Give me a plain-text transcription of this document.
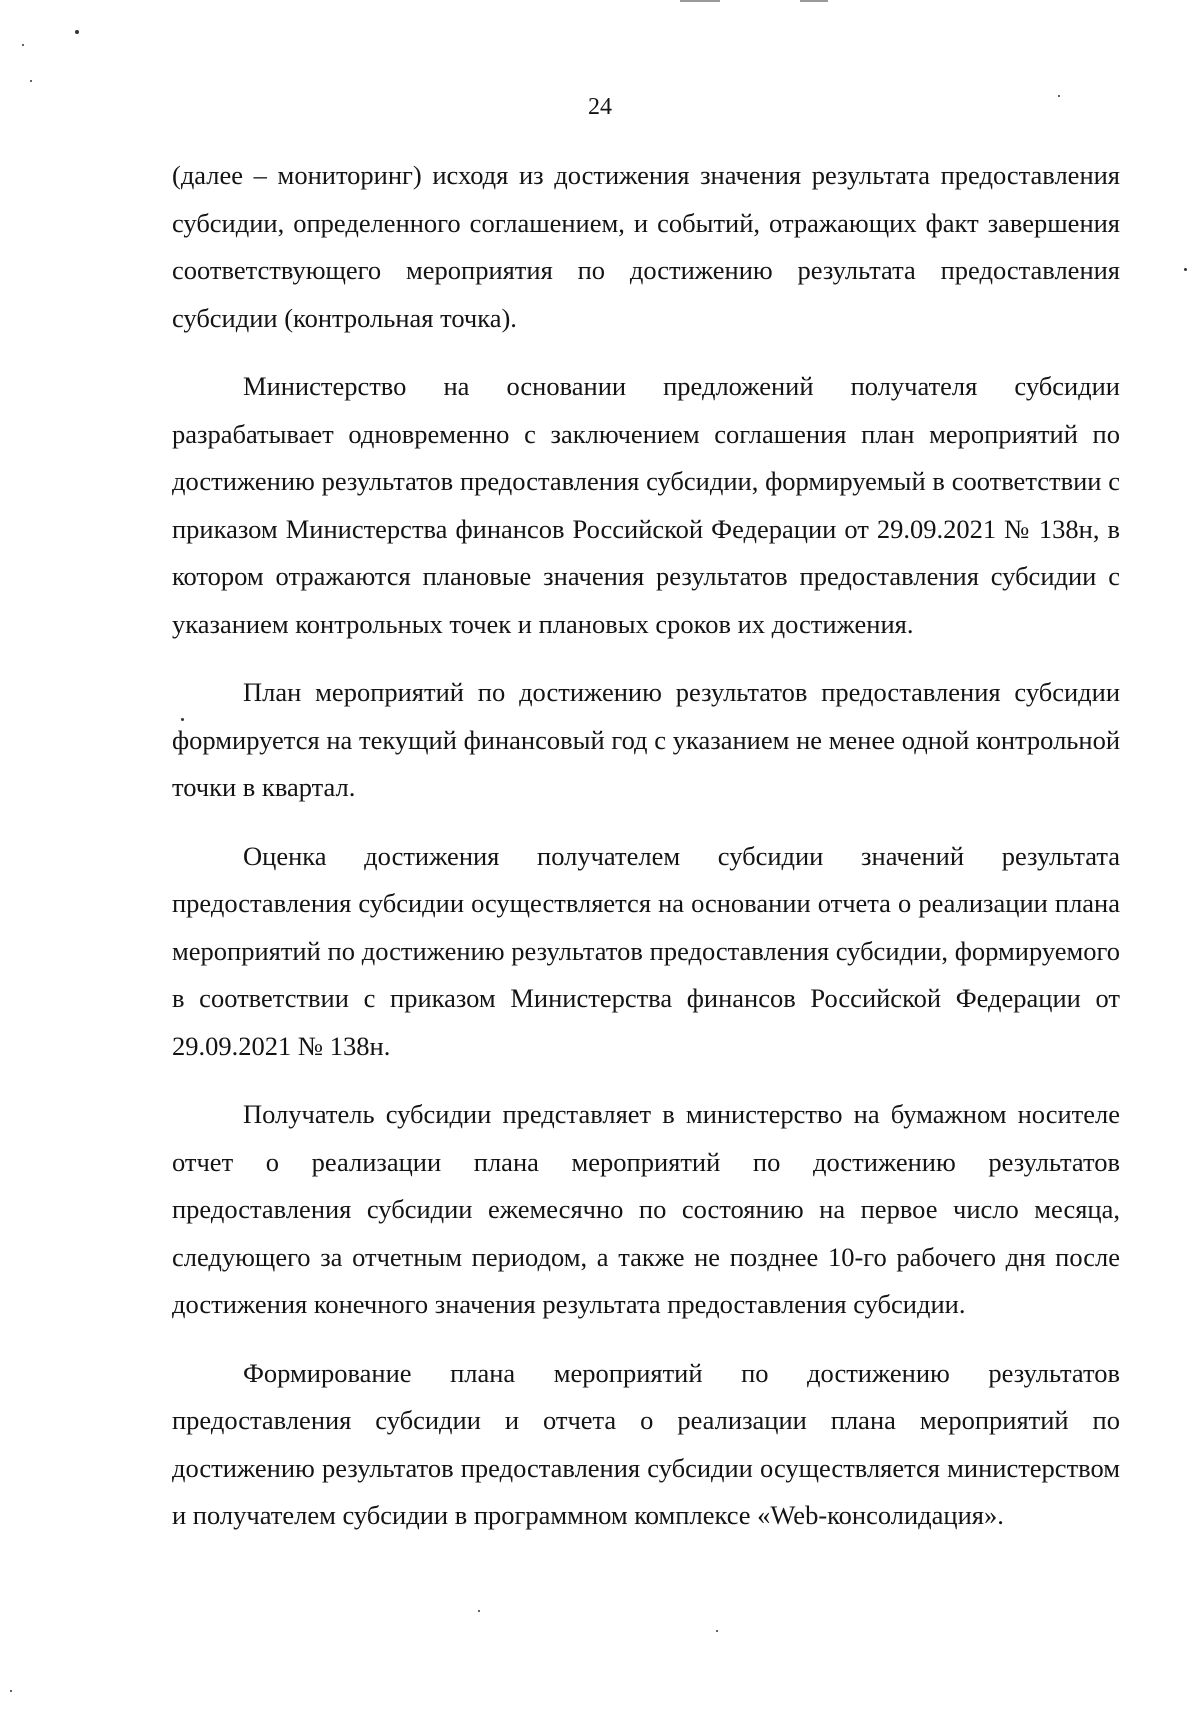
24

(далее – мониторинг) исходя из достижения значения результата предоставления субсидии, определенного соглашением, и событий, отражающих факт завершения соответствующего мероприятия по достижению результата предоставления субсидии (контрольная точка).

Министерство на основании предложений получателя субсидии разрабатывает одновременно с заключением соглашения план мероприятий по достижению результатов предоставления субсидии, формируемый в соответствии с приказом Министерства финансов Российской Федерации от 29.09.2021 № 138н, в котором отражаются плановые значения результатов предоставления субсидии с указанием контрольных точек и плановых сроков их достижения.

План мероприятий по достижению результатов предоставления субсидии формируется на текущий финансовый год с указанием не менее одной контрольной точки в квартал.

Оценка достижения получателем субсидии значений результата предоставления субсидии осуществляется на основании отчета о реализации плана мероприятий по достижению результатов предоставления субсидии, формируемого в соответствии с приказом Министерства финансов Российской Федерации от 29.09.2021 № 138н.

Получатель субсидии представляет в министерство на бумажном носителе отчет о реализации плана мероприятий по достижению результатов предоставления субсидии ежемесячно по состоянию на первое число месяца, следующего за отчетным периодом, а также не позднее 10-го рабочего дня после достижения конечного значения результата предоставления субсидии.

Формирование плана мероприятий по достижению результатов предоставления субсидии и отчета о реализации плана мероприятий по достижению результатов предоставления субсидии осуществляется министерством и получателем субсидии в программном комплексе «Web-консолидация».
